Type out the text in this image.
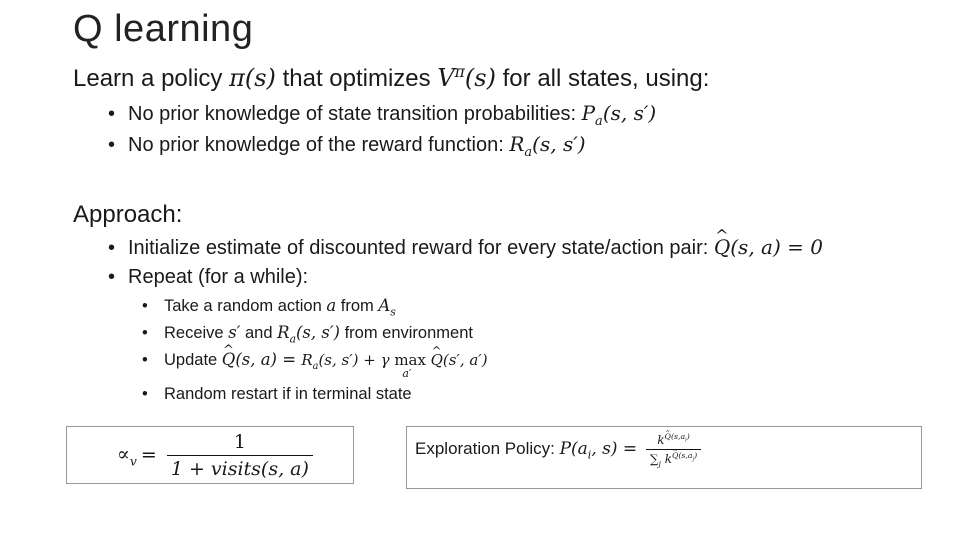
Q learning
Learn a policy π(s) that optimizes $V^\pi(s)$ for all states, using:
• No prior knowledge of state transition probabilities: $P_a(s$, s′)
• No prior knowledge of the reward function: $R_a(s$, s′)
Approach:
• Initialize estimate of discounted reward for every state/action pair: ^ Q(s, a) = 0
• Repeat (for a while):
• Take a random action a from $A_s$
• Receive s′ and $R_a(s$, s′) from environment
• Update ^ Q(s, $a) = R_a(s$, s′) + γ max
a′
^ Q(s′, a′)
• Random restart if in terminal state
$\propto_v = \frac{1}{\text{1 + visits(s, a)}}$	Exploration Policy: $P(a_i$, $s) = \frac{k^{Q(s,a_i)}}{\sum_j k^{Q(s,a_j)}}$
